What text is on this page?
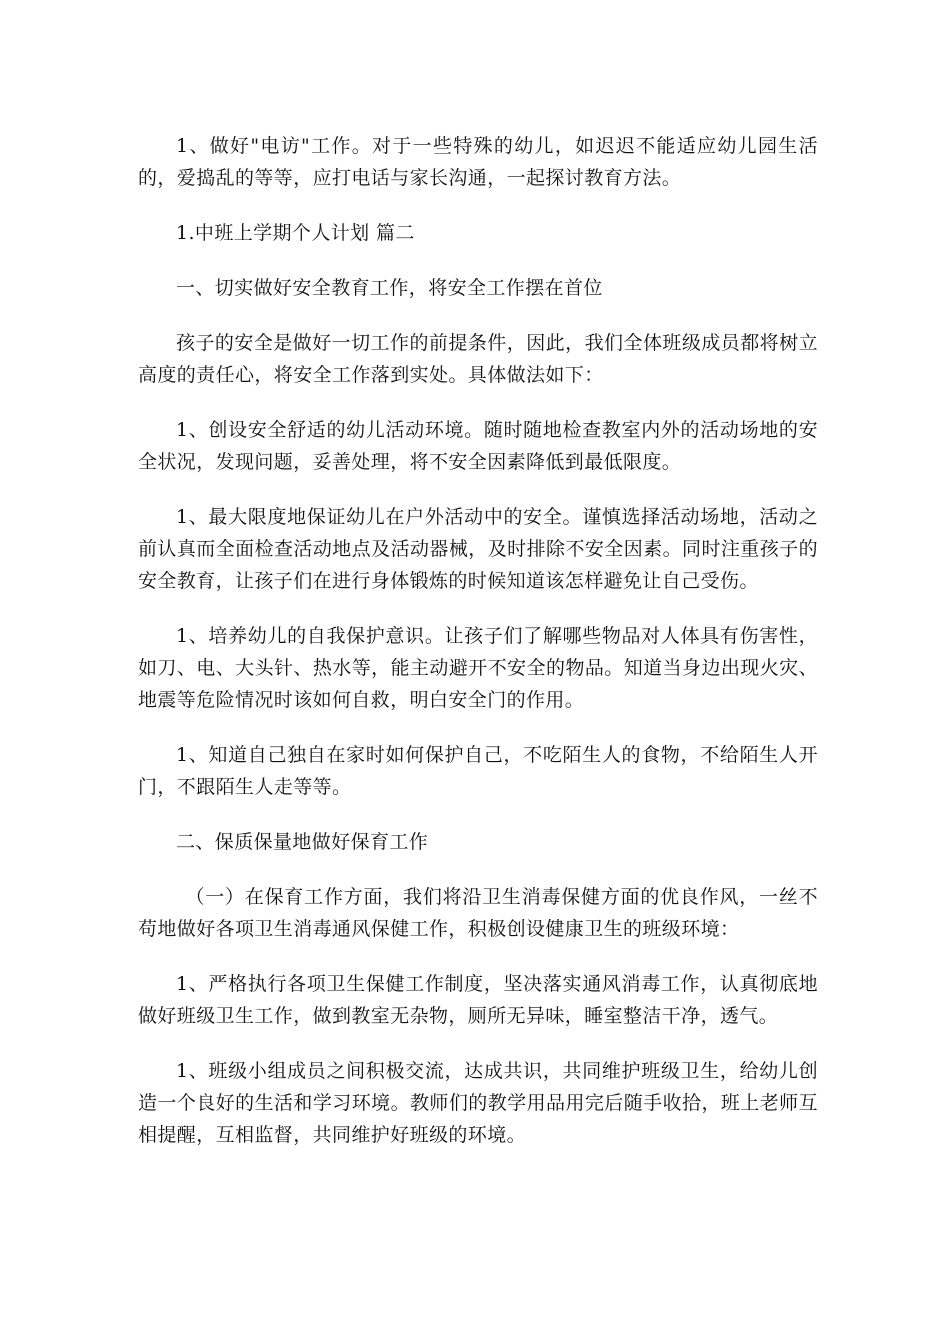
1、做好"电访"工作。对于一些特殊的幼儿，如迟迟不能适应幼儿园生活的，爱捣乱的等等，应打电话与家长沟通，一起探讨教育方法。

1.中班上学期个人计划 篇二

一、切实做好安全教育工作，将安全工作摆在首位

孩子的安全是做好一切工作的前提条件，因此，我们全体班级成员都将树立高度的责任心，将安全工作落到实处。具体做法如下：

1、创设安全舒适的幼儿活动环境。随时随地检查教室内外的活动场地的安全状况，发现问题，妥善处理，将不安全因素降低到最低限度。

1、最大限度地保证幼儿在户外活动中的安全。谨慎选择活动场地，活动之前认真而全面检查活动地点及活动器械，及时排除不安全因素。同时注重孩子的安全教育，让孩子们在进行身体锻炼的时候知道该怎样避免让自己受伤。

1、培养幼儿的自我保护意识。让孩子们了解哪些物品对人体具有伤害性，如刀、电、大头针、热水等，能主动避开不安全的物品。知道当身边出现火灾、地震等危险情况时该如何自救，明白安全门的作用。

1、知道自己独自在家时如何保护自己，不吃陌生人的食物，不给陌生人开门，不跟陌生人走等等。

二、保质保量地做好保育工作

（一）在保育工作方面，我们将沿卫生消毒保健方面的优良作风，一丝不苟地做好各项卫生消毒通风保健工作，积极创设健康卫生的班级环境：

1、严格执行各项卫生保健工作制度，坚决落实通风消毒工作，认真彻底地做好班级卫生工作，做到教室无杂物，厕所无异味，睡室整洁干净，透气。

1、班级小组成员之间积极交流，达成共识，共同维护班级卫生，给幼儿创造一个良好的生活和学习环境。教师们的教学用品用完后随手收拾，班上老师互相提醒，互相监督，共同维护好班级的环境。
